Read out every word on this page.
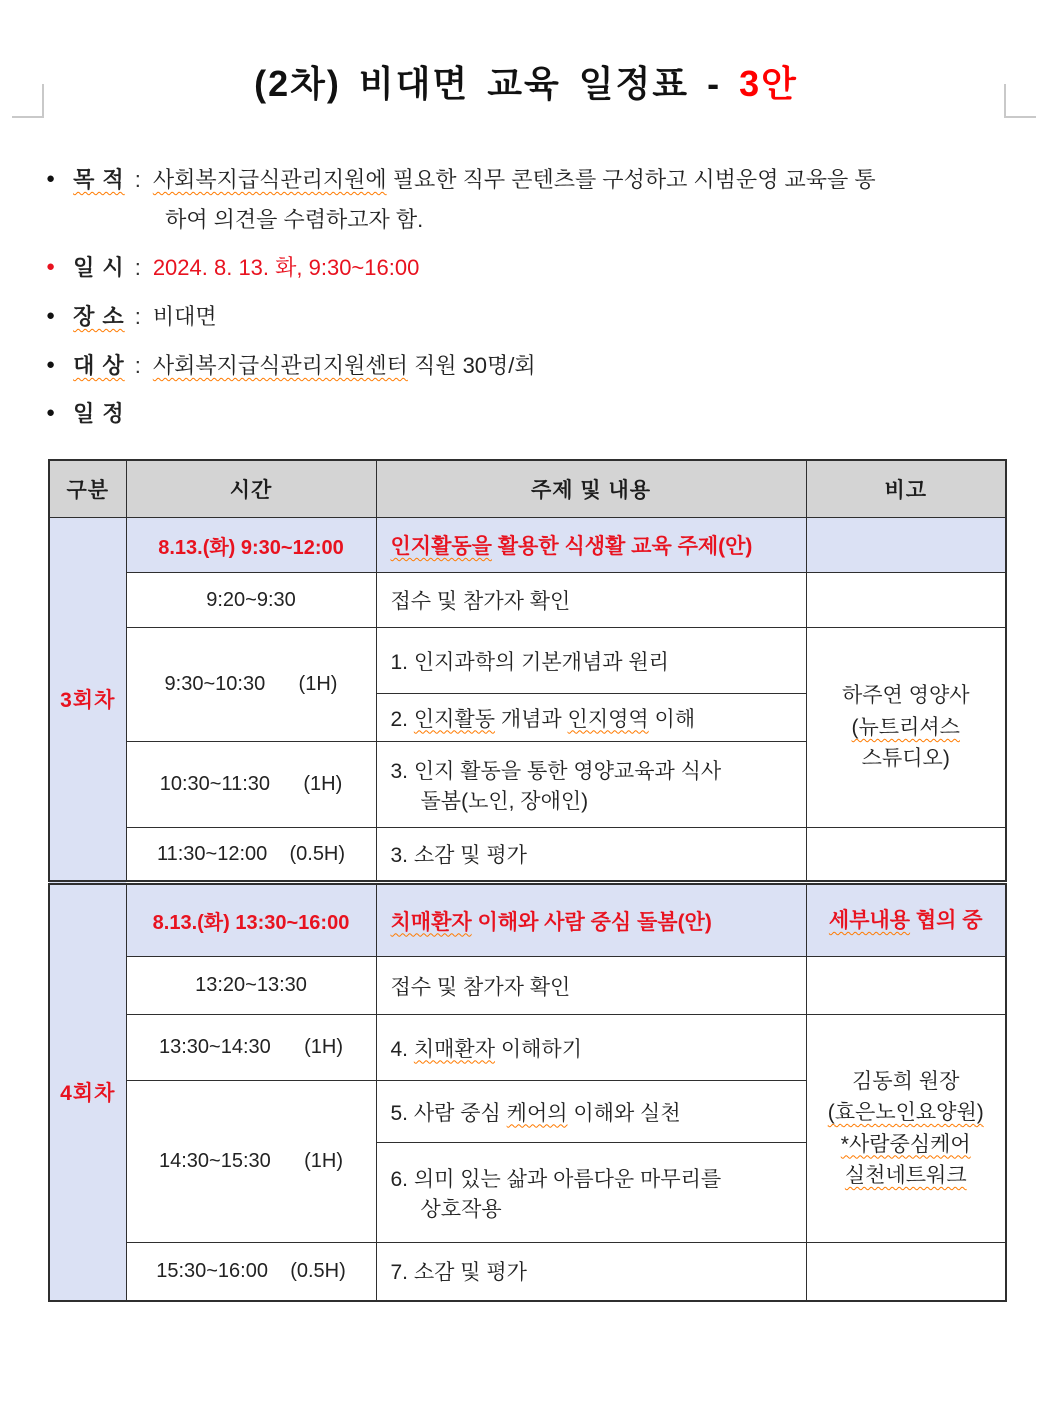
(2차) 비대면 교육 일정표 - 3안
● 목 적 : 사회복지급식관리지원에 필요한 직무 콘텐츠를 구성하고 시범운영 교육을 통
하여 의견을 수렴하고자 함.
● 일 시 : 2024. 8. 13. 화, 9:30~16:00
● 장 소 : 비대면
● 대 상 : 사회복지급식관리지원센터 직원 30명/회
● 일 정
구분	시간	주제 및 내용	비고
3회차	8.13.(화) 9:30~12:00	인지활동을 활용한 식생활 교육 주제(안)	
	9:20~9:30	접수 및 참가자 확인	
	9:30~10:30      (1H)	1. 인지과학의 기본개념과 원리	하주연 영양사
(뉴트리셔스
스튜디오)

		2. 인지활동 개념과 인지영역 이해	
	10:30~11:30      (1H)	3. 인지 활동을 통한 영양교육과 식사
돌봄(노인, 장애인)	

	11:30~12:00    (0.5H)	3. 소감 및 평가	
4회차	8.13.(화) 13:30~16:00	치매환자 이해와 사람 중심 돌봄(안)	세부내용 협의 중
	13:20~13:30	접수 및 참가자 확인	
	13:30~14:30      (1H)	4. 치매환자 이해하기	김동희 원장
(효은노인요양원)
*사람중심케어
실천네트워크

	14:30~15:30      (1H)	5. 사람 중심 케어의 이해와 실천	

		6. 의미 있는 삶과 아름다운 마무리를
상호작용	

	15:30~16:00    (0.5H)	7. 소감 및 평가	
